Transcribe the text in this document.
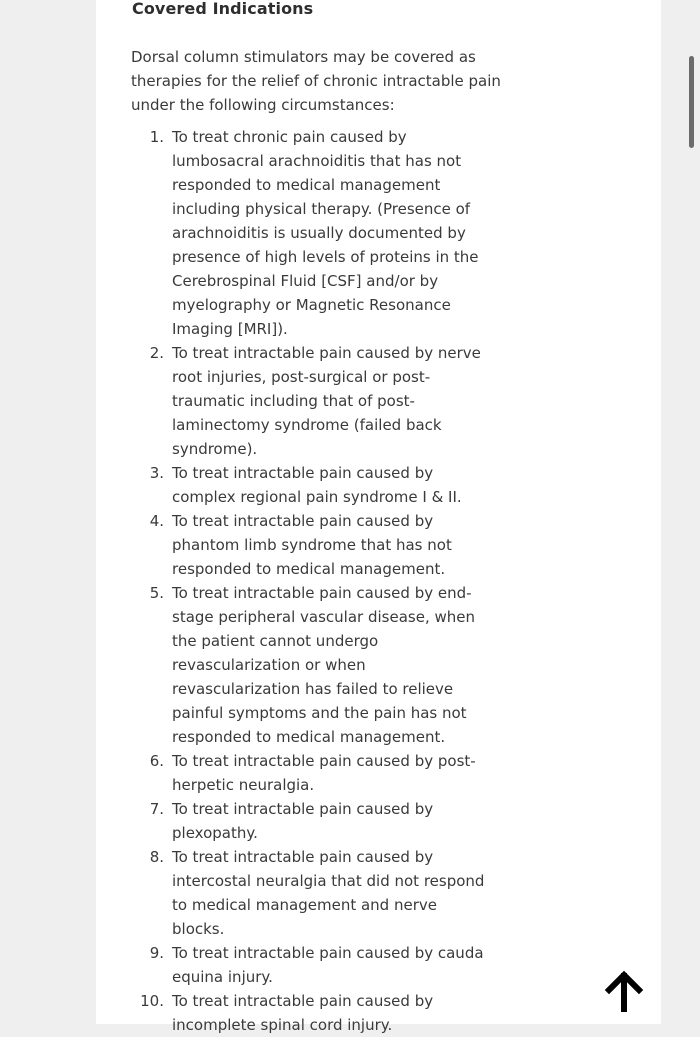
Covered Indications

Dorsal column stimulators may be covered as therapies for the relief of chronic intractable pain under the following circumstances:

1. To treat chronic pain caused by lumbosacral arachnoiditis that has not responded to medical management including physical therapy. (Presence of arachnoiditis is usually documented by presence of high levels of proteins in the Cerebrospinal Fluid [CSF] and/or by myelography or Magnetic Resonance Imaging [MRI]).
2. To treat intractable pain caused by nerve root injuries, post-surgical or post-traumatic including that of post-laminectomy syndrome (failed back syndrome).
3. To treat intractable pain caused by complex regional pain syndrome I & II.
4. To treat intractable pain caused by phantom limb syndrome that has not responded to medical management.
5. To treat intractable pain caused by end-stage peripheral vascular disease, when the patient cannot undergo revascularization or when revascularization has failed to relieve painful symptoms and the pain has not responded to medical management.
6. To treat intractable pain caused by post-herpetic neuralgia.
7. To treat intractable pain caused by plexopathy.
8. To treat intractable pain caused by intercostal neuralgia that did not respond to medical management and nerve blocks.
9. To treat intractable pain caused by cauda equina injury.
10. To treat intractable pain caused by incomplete spinal cord injury.
